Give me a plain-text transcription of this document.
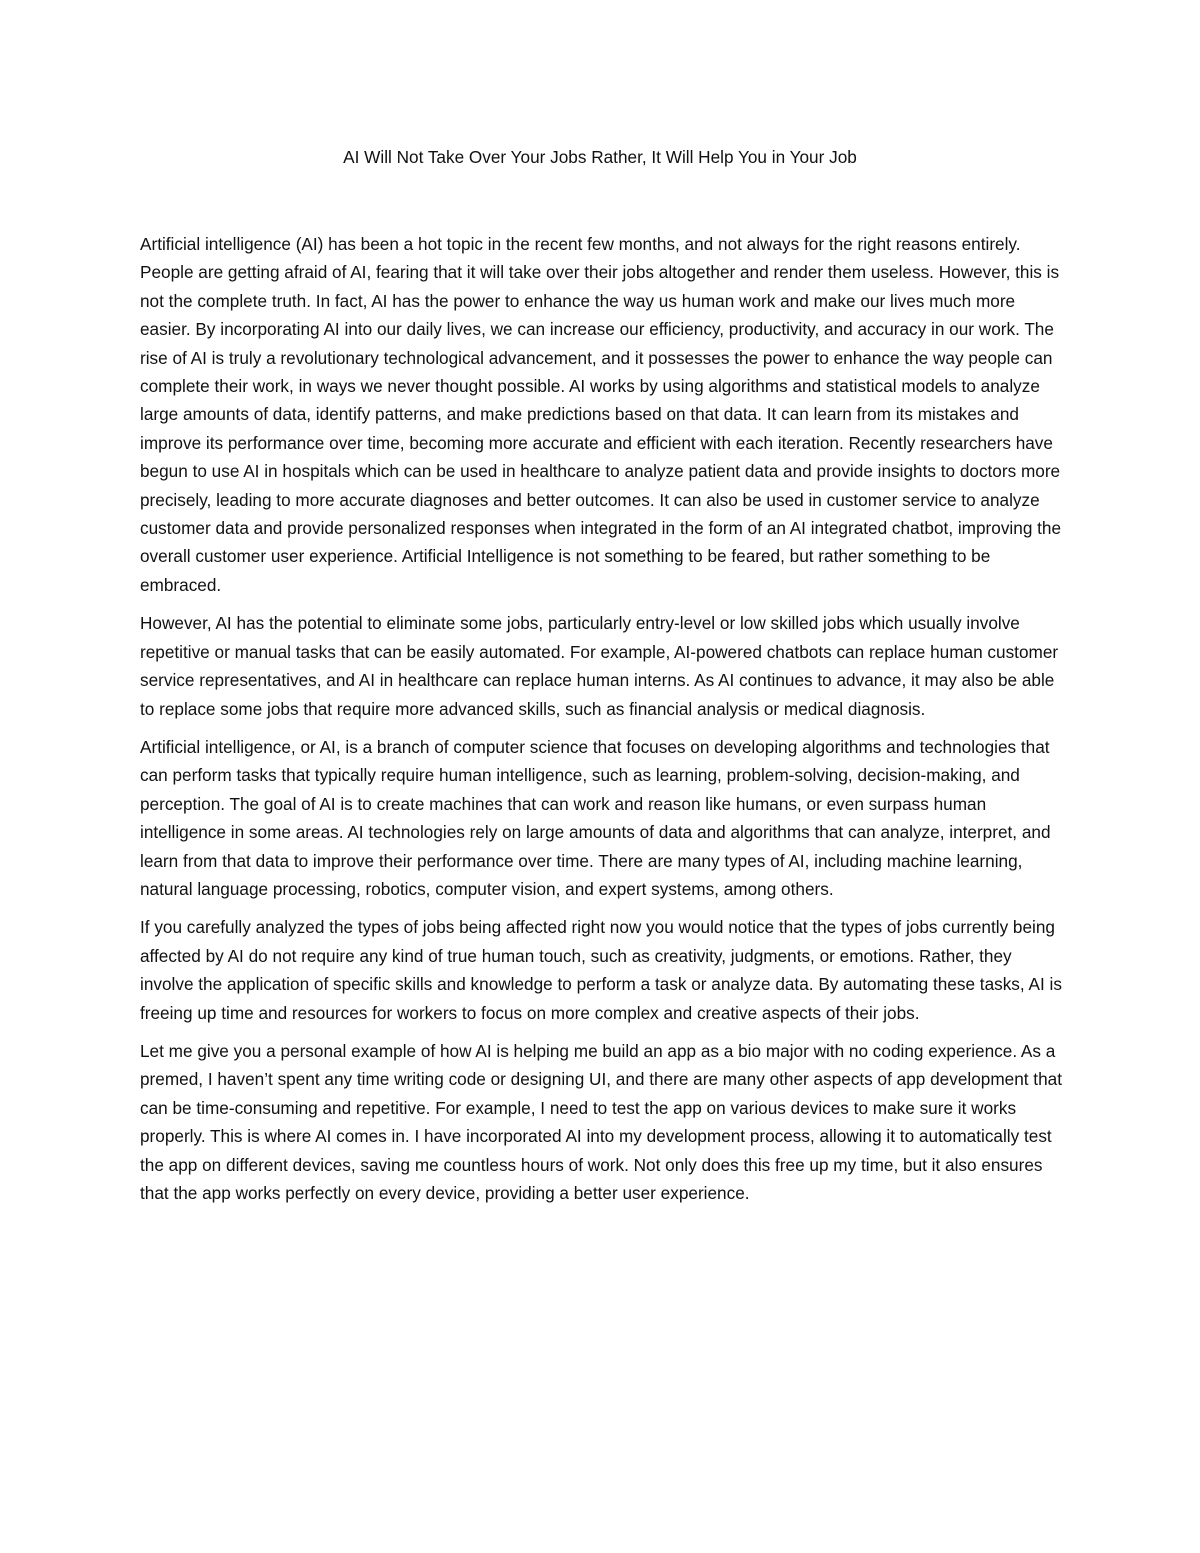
AI Will Not Take Over Your Jobs Rather, It Will Help You in Your Job

Artificial intelligence (AI) has been a hot topic in the recent few months, and not always for the right reasons entirely. People are getting afraid of AI, fearing that it will take over their jobs altogether and render them useless. However, this is not the complete truth. In fact, AI has the power to enhance the way us human work and make our lives much more easier. By incorporating AI into our daily lives, we can increase our efficiency, productivity, and accuracy in our work. The rise of AI is truly a revolutionary technological advancement, and it possesses the power to enhance the way people can complete their work, in ways we never thought possible. AI works by using algorithms and statistical models to analyze large amounts of data, identify patterns, and make predictions based on that data. It can learn from its mistakes and improve its performance over time, becoming more accurate and efficient with each iteration. Recently researchers have begun to use AI in hospitals which can be used in healthcare to analyze patient data and provide insights to doctors more precisely, leading to more accurate diagnoses and better outcomes. It can also be used in customer service to analyze customer data and provide personalized responses when integrated in the form of an AI integrated chatbot, improving the overall customer user experience. Artificial Intelligence is not something to be feared, but rather something to be embraced.

However, AI has the potential to eliminate some jobs, particularly entry-level or low skilled jobs which usually involve repetitive or manual tasks that can be easily automated. For example, AI-powered chatbots can replace human customer service representatives, and AI in healthcare can replace human interns. As AI continues to advance, it may also be able to replace some jobs that require more advanced skills, such as financial analysis or medical diagnosis.

Artificial intelligence, or AI, is a branch of computer science that focuses on developing algorithms and technologies that can perform tasks that typically require human intelligence, such as learning, problem-solving, decision-making, and perception. The goal of AI is to create machines that can work and reason like humans, or even surpass human intelligence in some areas. AI technologies rely on large amounts of data and algorithms that can analyze, interpret, and learn from that data to improve their performance over time. There are many types of AI, including machine learning, natural language processing, robotics, computer vision, and expert systems, among others.

If you carefully analyzed the types of jobs being affected right now you would notice that the types of jobs currently being affected by AI do not require any kind of true human touch, such as creativity, judgments, or emotions. Rather, they involve the application of specific skills and knowledge to perform a task or analyze data. By automating these tasks, AI is freeing up time and resources for workers to focus on more complex and creative aspects of their jobs.

Let me give you a personal example of how AI is helping me build an app as a bio major with no coding experience. As a premed, I haven’t spent any time writing code or designing UI, and there are many other aspects of app development that can be time-consuming and repetitive. For example, I need to test the app on various devices to make sure it works properly. This is where AI comes in. I have incorporated AI into my development process, allowing it to automatically test the app on different devices, saving me countless hours of work. Not only does this free up my time, but it also ensures that the app works perfectly on every device, providing a better user experience.
